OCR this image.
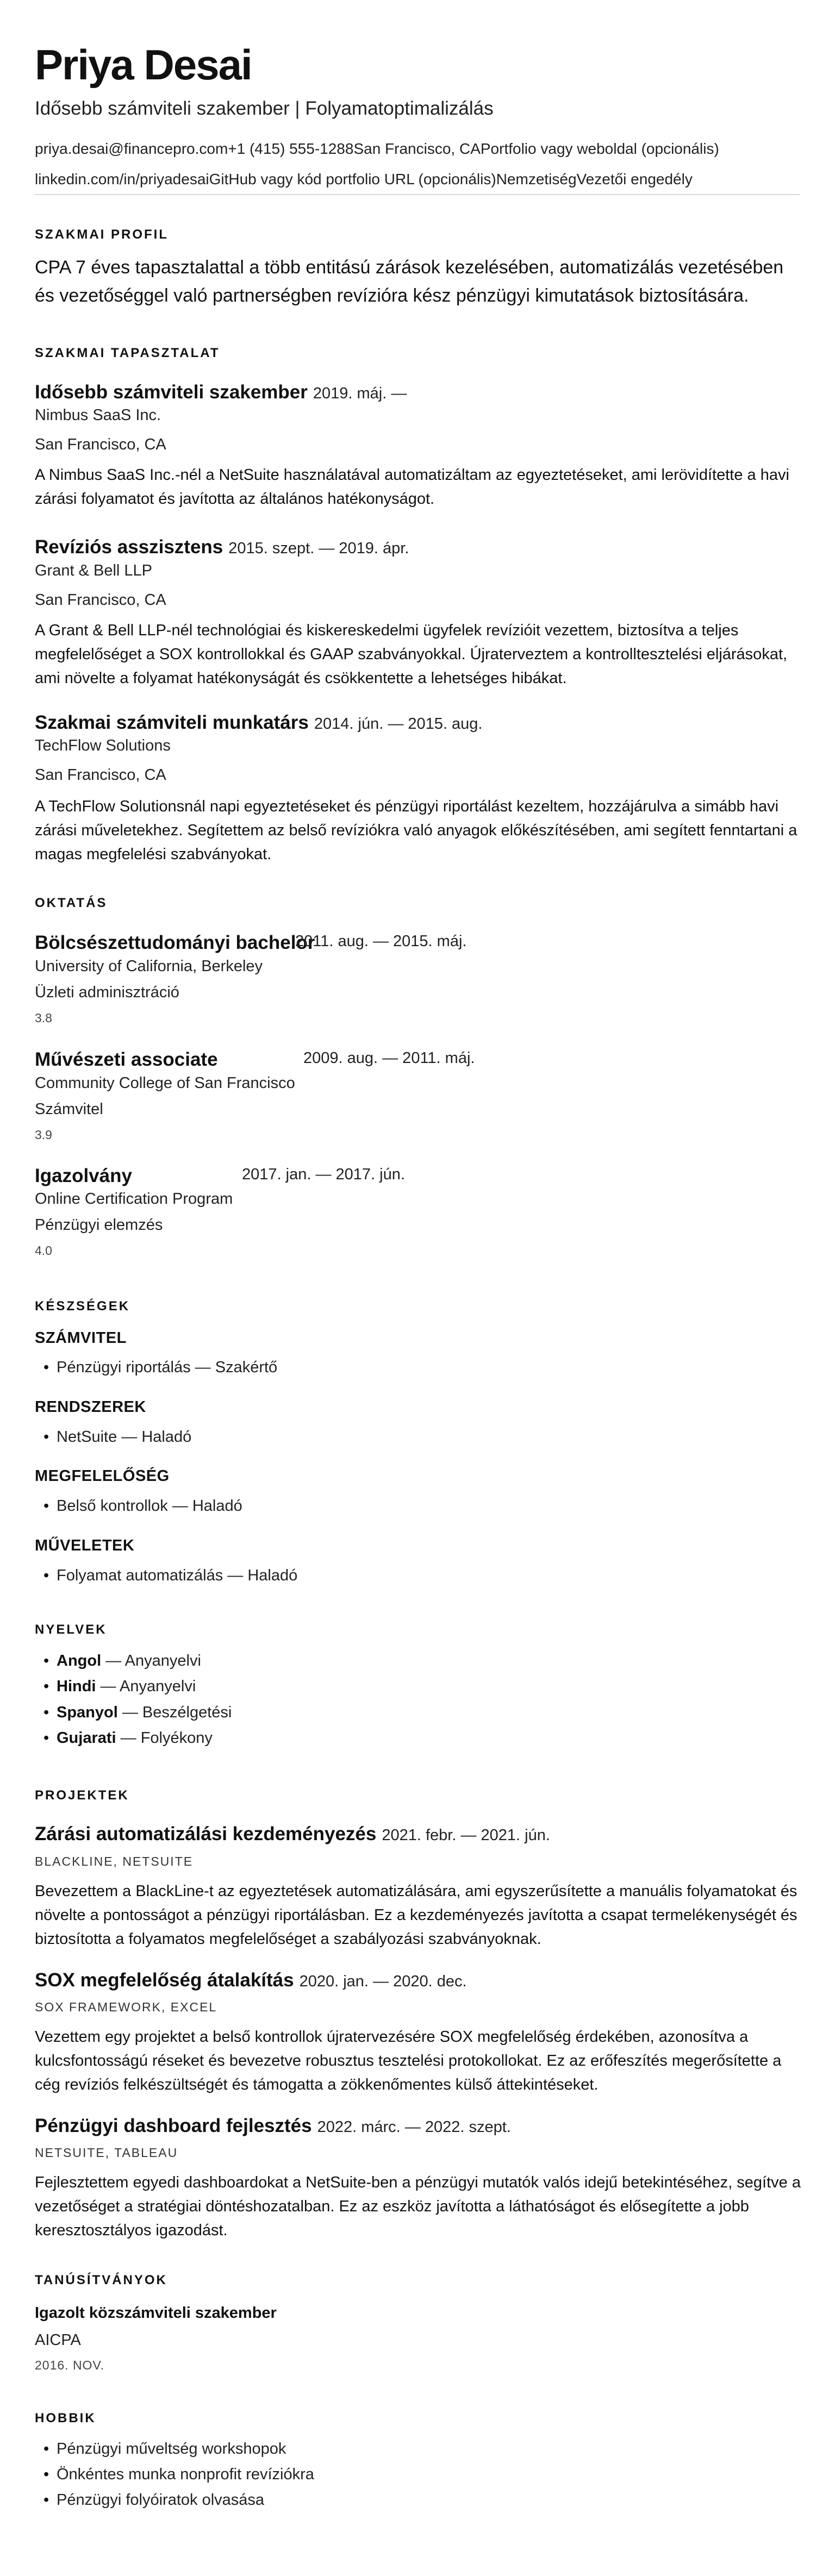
Priya Desai
Idősebb számviteli szakember | Folyamatoptimalizálás
priya.desai@financepro.com+1 (415) 555-1288San Francisco, CAPortfolio vagy weboldal (opcionális)
linkedin.com/in/priyadesaiGitHub vagy kód portfolio URL (opcionális)NemzetiségVezetői engedély
SZAKMAI PROFIL
CPA 7 éves tapasztalattal a több entitású zárások kezelésében, automatizálás vezetésében és vezetőséggel való partnerségben revízióra kész pénzügyi kimutatások biztosítására.
SZAKMAI TAPASZTALAT
Idősebb számviteli szakember 2019. máj. —
Nimbus SaaS Inc.
San Francisco, CA
A Nimbus SaaS Inc.-nél a NetSuite használatával automatizáltam az egyeztetéseket, ami lerövidítette a havi zárási folyamatot és javította az általános hatékonyságot.
Revíziós asszisztens 2015. szept. — 2019. ápr.
Grant & Bell LLP
San Francisco, CA
A Grant & Bell LLP-nél technológiai és kiskereskedelmi ügyfelek revízióit vezettem, biztosítva a teljes megfelelőséget a SOX kontrollokkal és GAAP szabványokkal. Újraterveztem a kontrolltesztelési eljárásokat, ami növelte a folyamat hatékonyságát és csökkentette a lehetséges hibákat.
Szakmai számviteli munkatárs 2014. jún. — 2015. aug.
TechFlow Solutions
San Francisco, CA
A TechFlow Solutionsnál napi egyeztetéseket és pénzügyi riportálást kezeltem, hozzájárulva a simább havi zárási műveletekhez. Segítettem az belső revíziókra való anyagok előkészítésében, ami segített fenntartani a magas megfelelési szabványokat.
OKTATÁS
Bölcsészettudományi bachelor
2011. aug. — 2015. máj.
University of California, Berkeley
Üzleti adminisztráció
3.8
Művészeti associate	2009. aug. — 2011. máj.
Community College of San Francisco
Számvitel
3.9
Igazolvány	2017. jan. — 2017. jún.
Online Certification Program
Pénzügyi elemzés
4.0
KÉSZSÉGEK
SZÁMVITEL
• Pénzügyi riportálás — Szakértő
RENDSZEREK
• NetSuite — Haladó
MEGFELELŐSÉG
• Belső kontrollok — Haladó
MŰVELETEK
• Folyamat automatizálás — Haladó
NYELVEK
• Angol — Anyanyelvi
• Hindi — Anyanyelvi
• Spanyol — Beszélgetési
• Gujarati — Folyékony
PROJEKTEK
Zárási automatizálási kezdeményezés 2021. febr. — 2021. jún.
BLACKLINE, NETSUITE
Bevezettem a BlackLine-t az egyeztetések automatizálására, ami egyszerűsítette a manuális folyamatokat és növelte a pontosságot a pénzügyi riportálásban. Ez a kezdeményezés javította a csapat termelékenységét és biztosította a folyamatos megfelelőséget a szabályozási szabványoknak.
SOX megfelelőség átalakítás 2020. jan. — 2020. dec.
SOX FRAMEWORK, EXCEL
Vezettem egy projektet a belső kontrollok újratervezésére SOX megfelelőség érdekében, azonosítva a kulcsfontosságú réseket és bevezetve robusztus tesztelési protokollokat. Ez az erőfeszítés megerősítette a cég revíziós felkészültségét és támogatta a zökkenőmentes külső áttekintéseket.
Pénzügyi dashboard fejlesztés 2022. márc. — 2022. szept.
NETSUITE, TABLEAU
Fejlesztettem egyedi dashboardokat a NetSuite-ben a pénzügyi mutatók valós idejű betekintéséhez, segítve a vezetőséget a stratégiai döntéshozatalban. Ez az eszköz javította a láthatóságot és elősegítette a jobb keresztosztályos igazodást.
TANÚSÍTVÁNYOK
Igazolt közszámviteli szakember
AICPA
2016. NOV.
HOBBIK
• Pénzügyi műveltség workshopok
• Önkéntes munka nonprofit revíziókra
• Pénzügyi folyóiratok olvasása
